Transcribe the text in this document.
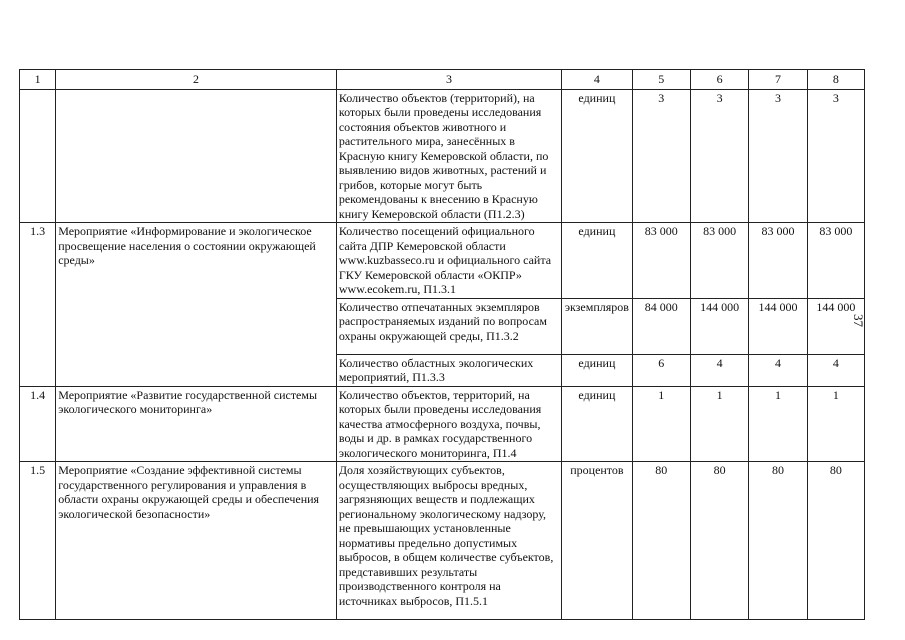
1	2	3	4	5	6	7	8
		Количество объектов (территорий), на которых были проведены исследования состояния объектов животного и растительного мира, занесённых в Красную книгу Кемеровской области, по выявлению видов животных, растений и грибов, которые могут быть рекомендованы к внесению в Красную книгу Кемеровской области (П1.2.3)	единиц	3	3	3	3
1.3	Мероприятие «Информирование и экологическое просвещение населения о состоянии окружающей среды»	Количество посещений официального сайта ДПР Кемеровской области www.kuzbasseco.ru и официального сайта ГКУ Кемеровской области «ОКПР» www.ecokem.ru, П1.3.1	единиц	83 000	83 000	83 000	83 000
		Количество отпечатанных экземпляров распространяемых изданий по вопросам охраны окружающей среды, П1.3.2	экземпляров	84 000	144 000	144 000	144 000
		Количество областных экологических мероприятий, П1.3.3	единиц	6	4	4	4
1.4	Мероприятие «Развитие государственной системы экологического мониторинга»	Количество объектов, территорий, на которых были проведены исследования качества атмосферного воздуха, почвы, воды и др. в рамках государственного экологического мониторинга, П1.4	единиц	1	1	1	1
1.5	Мероприятие «Создание эффективной системы государственного регулирования и управления в области охраны окружающей среды и обеспечения экологической безопасности»	Доля хозяйствующих субъектов, осуществляющих выбросы вредных, загрязняющих веществ и подлежащих региональному экологическому надзору, не превышающих установленные нормативы предельно допустимых выбросов, в общем количестве субъектов, представивших результаты производственного контроля на источниках выбросов, П1.5.1	процентов	80	80	80	80
37
